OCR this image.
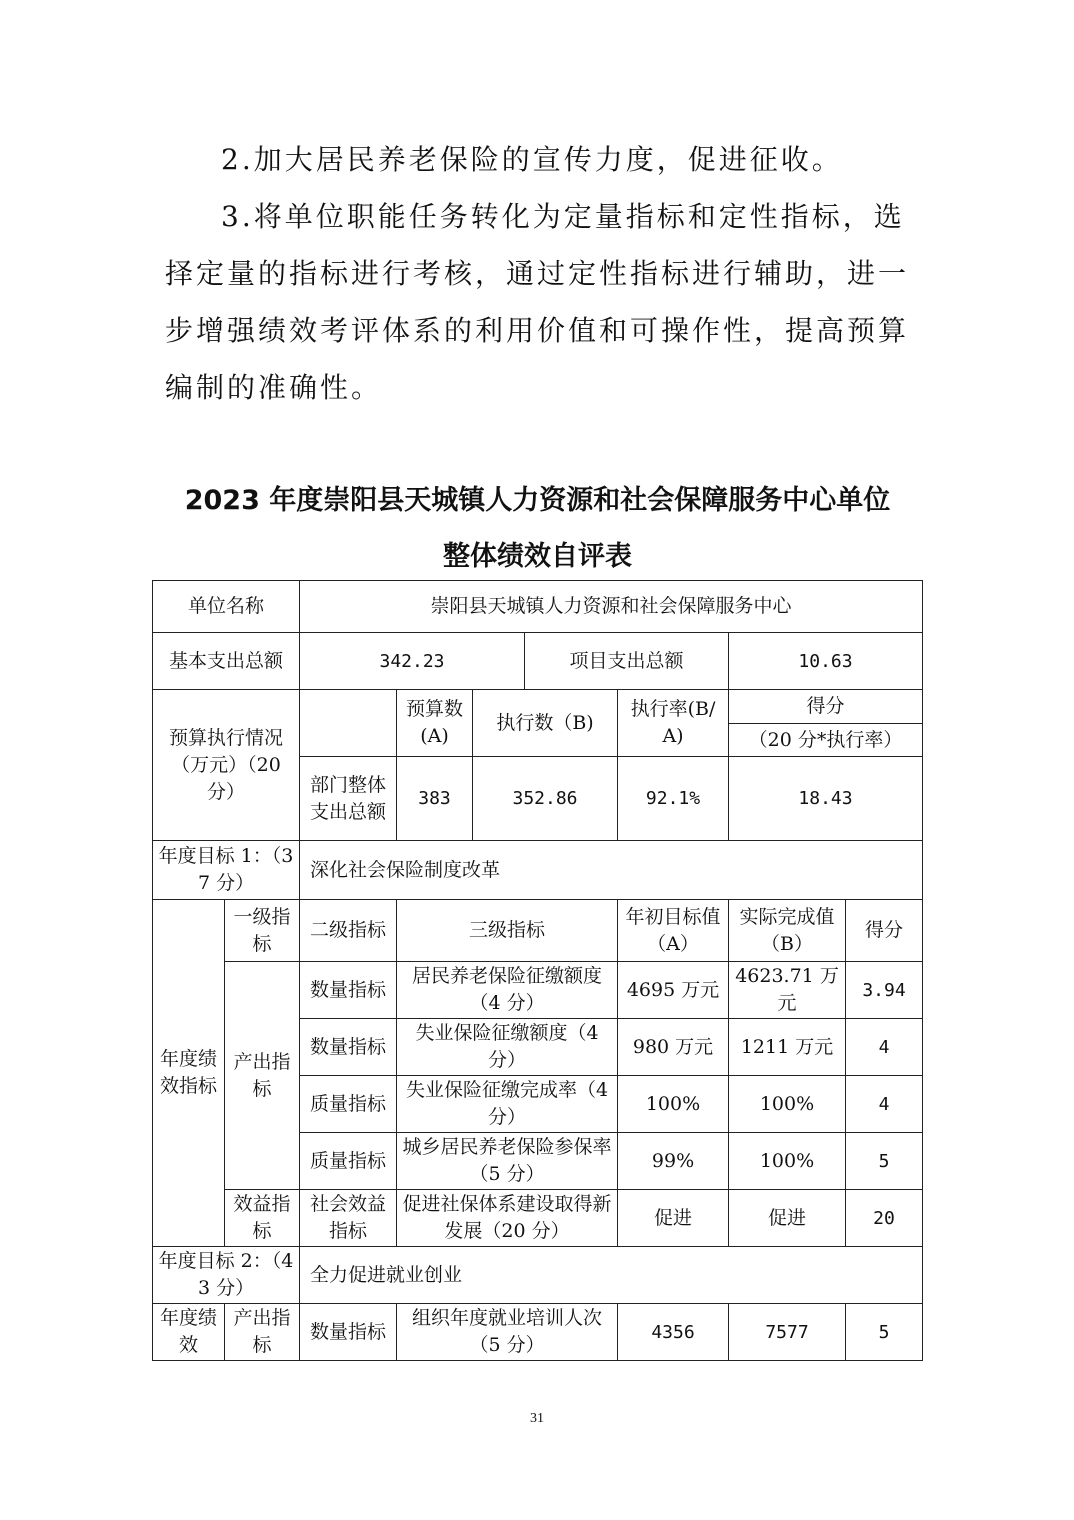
2.加大居民养老保险的宣传力度，促进征收。

3.将单位职能任务转化为定量指标和定性指标，选择定量的指标进行考核，通过定性指标进行辅助，进一步增强绩效考评体系的利用价值和可操作性，提高预算编制的准确性。

2023 年度崇阳县天城镇人力资源和社会保障服务中心单位
整体绩效自评表
单位名称		崇阳县天城镇人力资源和社会保障服务中心						
基本支出总额		342.23			项目支出总额		10.63	
预算执行情况（万元）（20 分）			预算数(A)	执行数（B)		执行率(B/A)	得分	
							（20 分*执行率）	
		部门整体支出总额	383	352.86		92.1%	18.43	
年度目标 1：（37 分）		深化社会保险制度改革						
年度绩效指标	一级指标	二级指标	三级指标			年初目标值（A）	实际完成值（B）	得分
	产出指标	数量指标	居民养老保险征缴额度（4 分）			4695 万元	4623.71 万元	3.94
		数量指标	失业保险征缴额度（4 分）			980 万元	1211 万元	4
		质量指标	失业保险征缴完成率（4 分）			100%	100%	4
		质量指标	城乡居民养老保险参保率（5 分）			99%	100%	5
	效益指标	社会效益指标	促进社保体系建设取得新发展（20 分）			促进	促进	20
年度目标 2：（43 分）		全力促进就业创业						
年度绩效	产出指标	数量指标	组织年度就业培训人次（5 分）			4356	7577	5
31
